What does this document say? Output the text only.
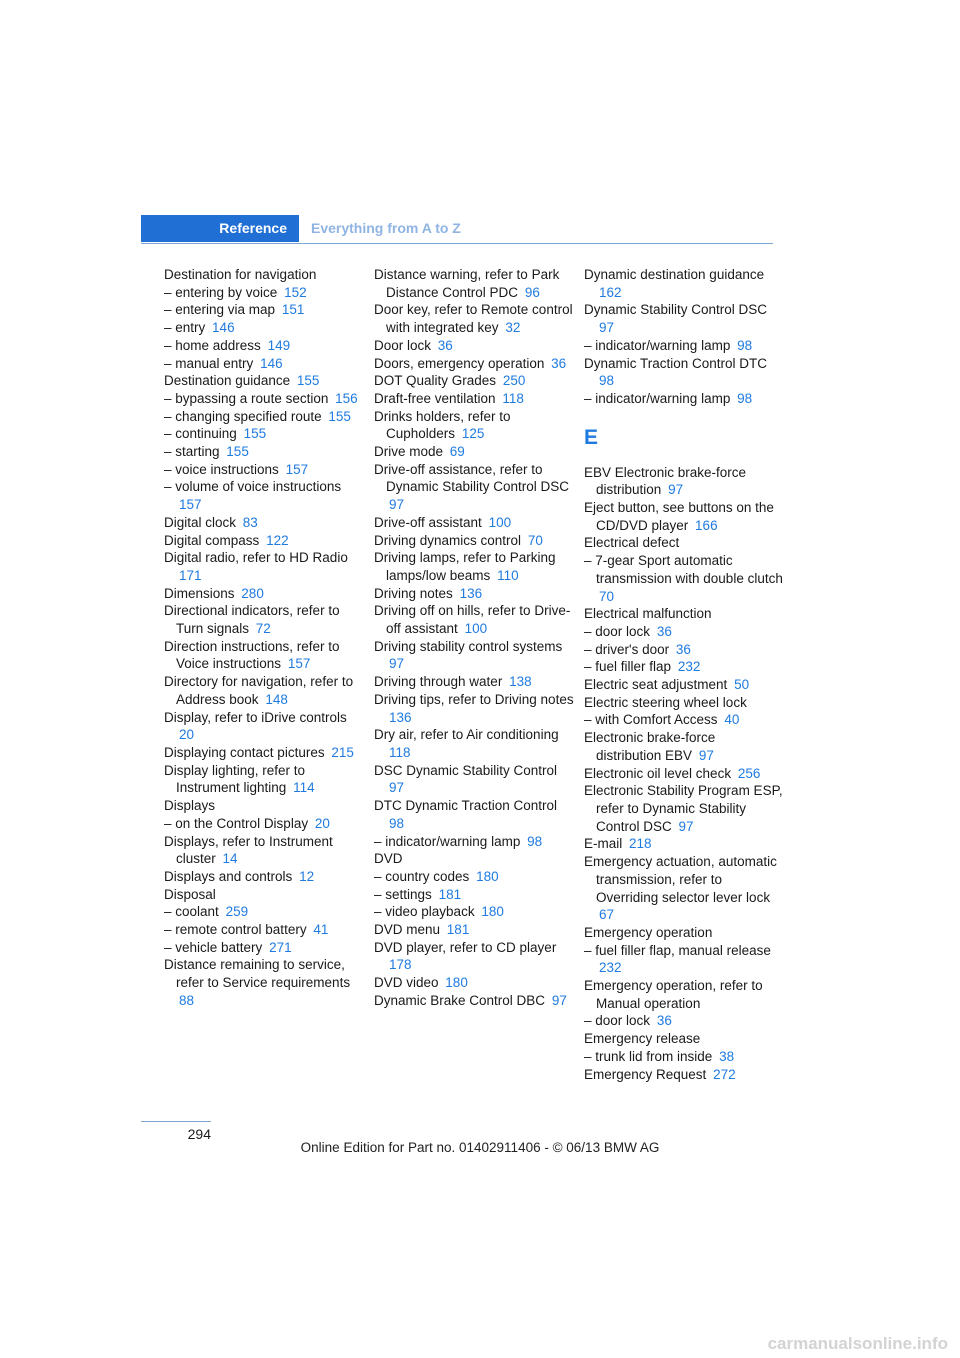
Reference	Everything from A to Z

Destination for navigation

– entering by voice 152

– entering via map 151

– entry 146

– home address 149

– manual entry 146

Destination guidance 155

– bypassing a route section 156

– changing specified route 155

– continuing 155

– starting 155

– voice instructions 157

– volume of voice instructions 157

Digital clock 83

Digital compass 122

Digital radio, refer to HD Radio 171

Dimensions 280

Directional indicators, refer to Turn signals 72

Direction instructions, refer to Voice instructions 157

Directory for navigation, refer to Address book 148

Display, refer to iDrive controls 20

Displaying contact pictures 215

Display lighting, refer to Instrument lighting 114

Displays

– on the Control Display 20

Displays, refer to Instrument cluster 14

Displays and controls 12

Disposal

– coolant 259

– remote control battery 41

– vehicle battery 271

Distance remaining to service, refer to Service requirements 88

Distance warning, refer to Park Distance Control PDC 96

Door key, refer to Remote control with integrated key 32

Door lock 36

Doors, emergency operation 36

DOT Quality Grades 250

Draft-free ventilation 118

Drinks holders, refer to Cupholders 125

Drive mode 69

Drive-off assistance, refer to Dynamic Stability Control DSC 97

Drive-off assistant 100

Driving dynamics control 70

Driving lamps, refer to Parking lamps/low beams 110

Driving notes 136

Driving off on hills, refer to Drive-off assistant 100

Driving stability control systems 97

Driving through water 138

Driving tips, refer to Driving notes 136

Dry air, refer to Air conditioning 118

DSC Dynamic Stability Control 97

DTC Dynamic Traction Control 98

– indicator/warning lamp 98

DVD

– country codes 180

– settings 181

– video playback 180

DVD menu 181

DVD player, refer to CD player 178

DVD video 180

Dynamic Brake Control DBC 97

Dynamic destination guidance 162

Dynamic Stability Control DSC 97

– indicator/warning lamp 98

Dynamic Traction Control DTC 98

– indicator/warning lamp 98

E

EBV Electronic brake-force distribution 97

Eject button, see buttons on the CD/DVD player 166

Electrical defect

– 7-gear Sport automatic transmission with double clutch 70

Electrical malfunction

– door lock 36

– driver's door 36

– fuel filler flap 232

Electric seat adjustment 50

Electric steering wheel lock

– with Comfort Access 40

Electronic brake-force distribution EBV 97

Electronic oil level check 256

Electronic Stability Program ESP, refer to Dynamic Stability Control DSC 97

E-mail 218

Emergency actuation, automatic transmission, refer to Overriding selector lever lock 67

Emergency operation

– fuel filler flap, manual release 232

Emergency operation, refer to Manual operation

– door lock 36

Emergency release

– trunk lid from inside 38

Emergency Request 272

294
Online Edition for Part no. 01402911406 - © 06/13 BMW AG
carmanualsonline.info
